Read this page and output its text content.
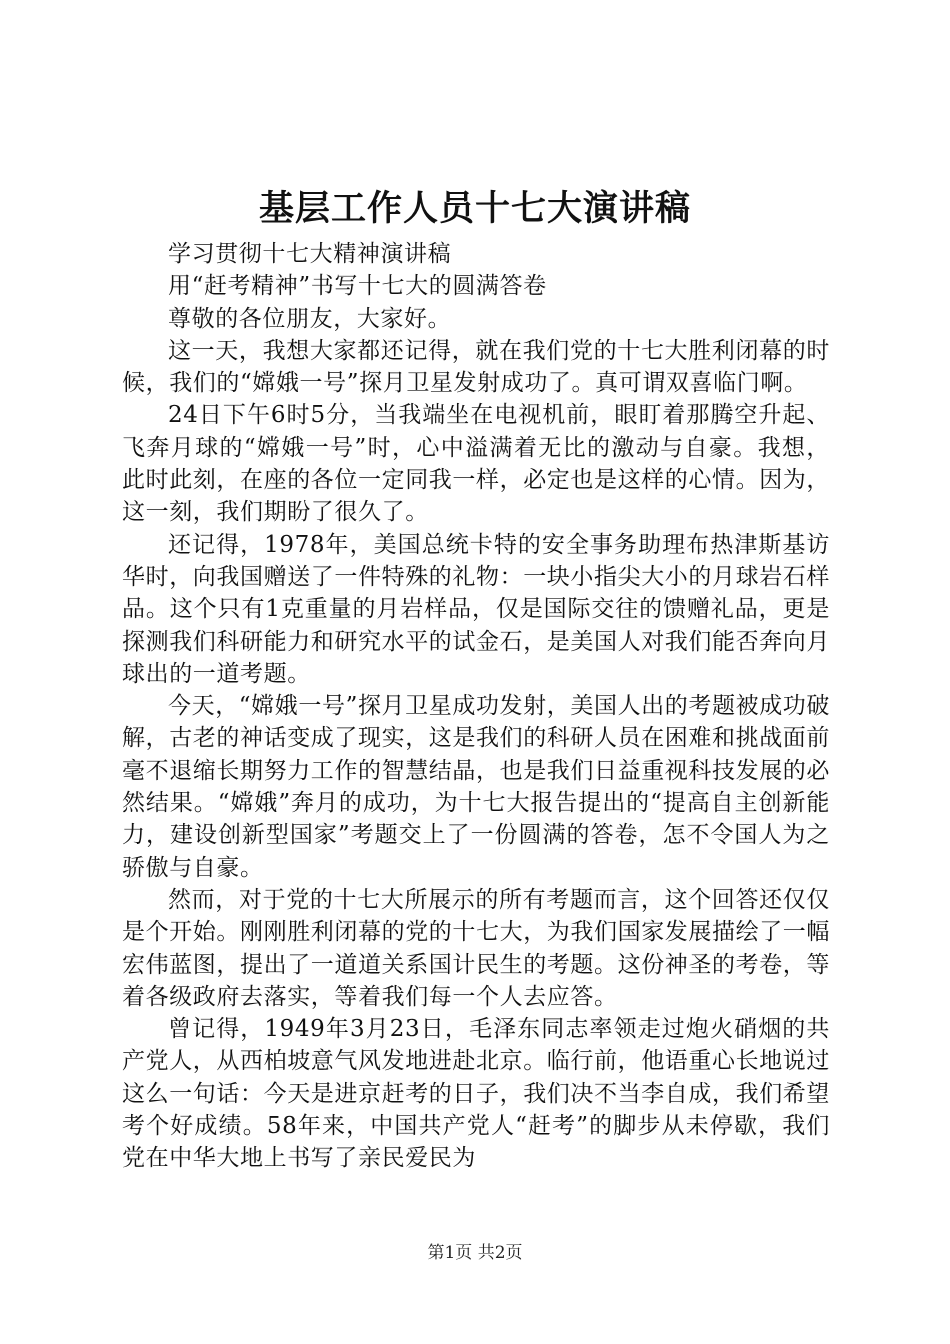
基层工作人员十七大演讲稿

学习贯彻十七大精神演讲稿

用“赶考精神”书写十七大的圆满答卷

尊敬的各位朋友，大家好。

这一天，我想大家都还记得，就在我们党的十七大胜利闭幕的时候，我们的“嫦娥一号”探月卫星发射成功了。真可谓双喜临门啊。

24日下午6时5分，当我端坐在电视机前，眼盯着那腾空升起、飞奔月球的“嫦娥一号”时，心中溢满着无比的激动与自豪。我想，此时此刻，在座的各位一定同我一样，必定也是这样的心情。因为，这一刻，我们期盼了很久了。

还记得，1978年，美国总统卡特的安全事务助理布热津斯基访华时，向我国赠送了一件特殊的礼物：一块小指尖大小的月球岩石样品。这个只有1克重量的月岩样品，仅是国际交往的馈赠礼品，更是探测我们科研能力和研究水平的试金石，是美国人对我们能否奔向月球出的一道考题。

今天，“嫦娥一号”探月卫星成功发射，美国人出的考题被成功破解，古老的神话变成了现实，这是我们的科研人员在困难和挑战面前毫不退缩长期努力工作的智慧结晶，也是我们日益重视科技发展的必然结果。“嫦娥”奔月的成功，为十七大报告提出的“提高自主创新能力，建设创新型国家”考题交上了一份圆满的答卷，怎不令国人为之骄傲与自豪。

然而，对于党的十七大所展示的所有考题而言，这个回答还仅仅是个开始。刚刚胜利闭幕的党的十七大，为我们国家发展描绘了一幅宏伟蓝图，提出了一道道关系国计民生的考题。这份神圣的考卷，等着各级政府去落实，等着我们每一个人去应答。

曾记得，1949年3月23日，毛泽东同志率领走过炮火硝烟的共产党人，从西柏坡意气风发地进赴北京。临行前，他语重心长地说过这么一句话：今天是进京赶考的日子，我们决不当李自成，我们希望考个好成绩。58年来，中国共产党人“赶考”的脚步从未停歇，我们党在中华大地上书写了亲民爱民为

第1页 共2页
